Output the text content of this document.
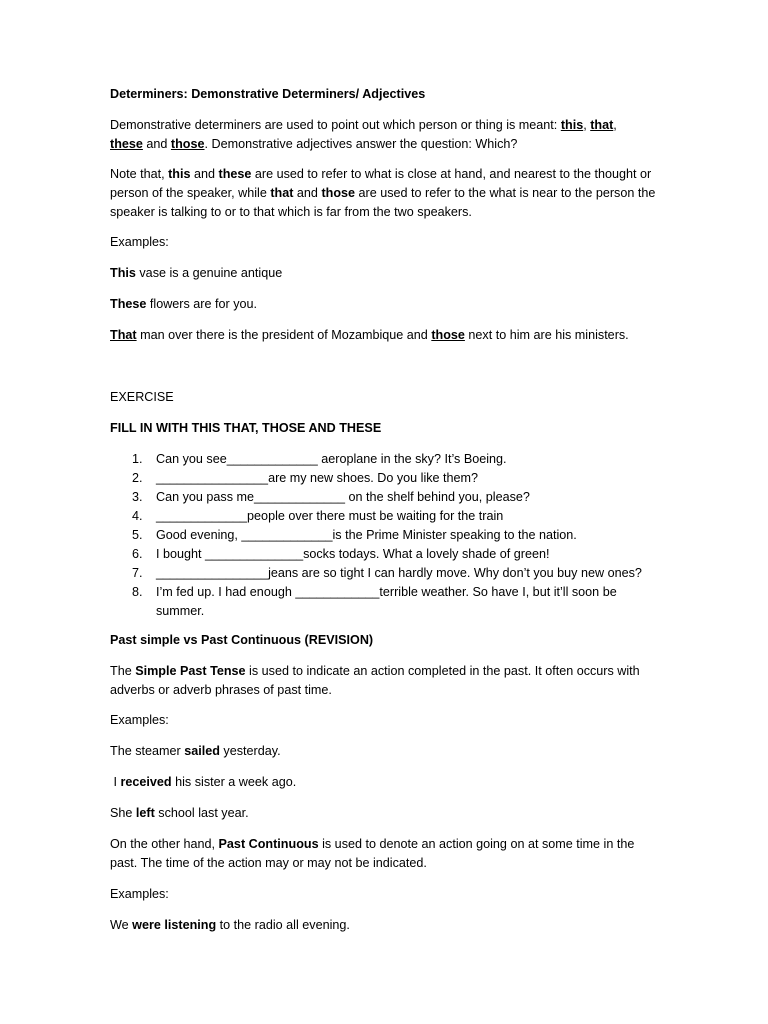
Determiners: Demonstrative Determiners/ Adjectives

Demonstrative determiners are used to point out which person or thing is meant: this, that,
these and those. Demonstrative adjectives answer the question: Which?

Note that, this and these are used to refer to what is close at hand, and nearest to the thought or person of the speaker, while that and those are used to refer to the what is near to the person the speaker is talking to or to that which is far from the two speakers.

Examples:

This vase is a genuine antique

These flowers are for you.

That man over there is the president of Mozambique and those next to him are his ministers.

EXERCISE

FILL IN WITH THIS THAT, THOSE AND THESE

1.	Can you see_____________ aeroplane in the sky? It’s Boeing.
2.	________________are my new shoes. Do you like them?
3.	Can you pass me_____________ on the shelf behind you, please?
4.	_____________people over there must be waiting for the train
5.	Good evening, _____________is the Prime Minister speaking to the nation.
6.	I bought ______________socks todays. What a lovely shade of green!
7.	________________jeans are so tight I can hardly move. Why don’t you buy new ones?
8.	I’m fed up. I had enough ____________terrible weather. So have I, but it’ll soon be summer.

Past simple vs Past Continuous (REVISION)

The Simple Past Tense is used to indicate an action completed in the past. It often occurs with adverbs or adverb phrases of past time.

Examples:

The steamer sailed yesterday.

I received his sister a week ago.

She left school last year.

On the other hand, Past Continuous is used to denote an action going on at some time in the past. The time of the action may or may not be indicated.

Examples:

We were listening to the radio all evening.
